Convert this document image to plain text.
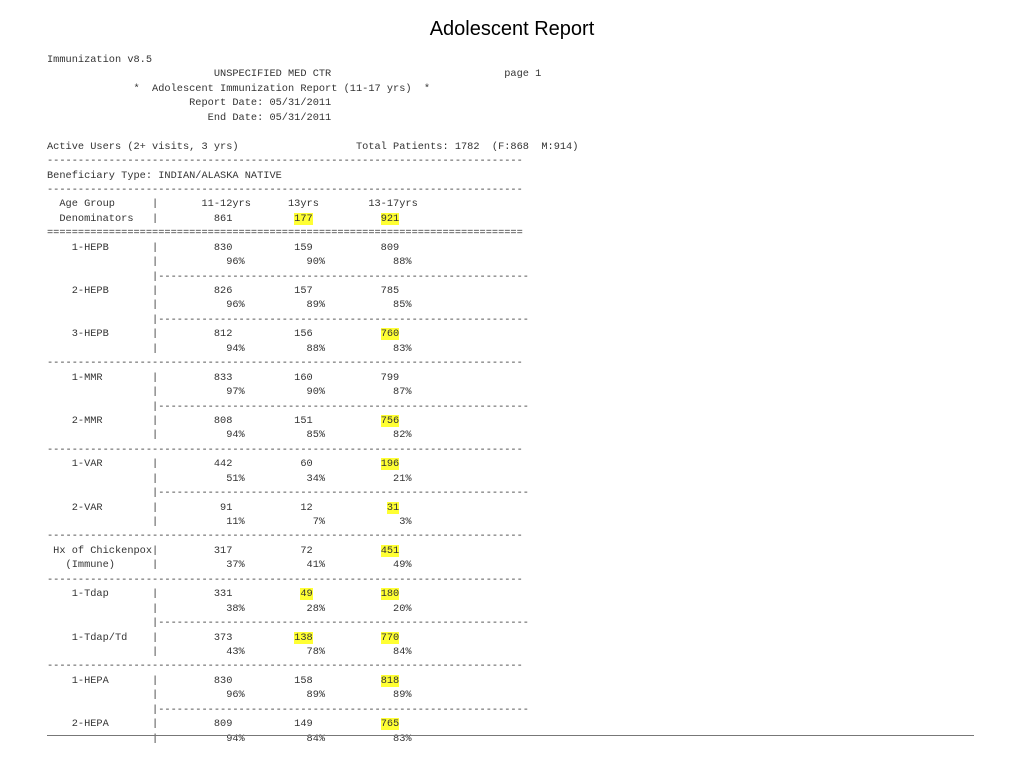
Adolescent Report
Immunization v8.5
UNSPECIFIED MED CTR                            page 1
*  Adolescent Immunization Report (11-17 yrs)  *
Report Date: 05/31/2011
End Date: 05/31/2011
Active Users (2+ visits, 3 yrs)                   Total Patients: 1782  (F:868  M:914)
-----------------------------------------------------------------------------
Beneficiary Type: INDIAN/ALASKA NATIVE
-----------------------------------------------------------------------------
Age Group      |       11-12yrs      13yrs        13-17yrs
Denominators   |         861          177	921
=============================================================================
1-HEPB       |         830          159           809
|           96%          90%           88%
|------------------------------------------------------------
2-HEPB       |         826          157           785
|           96%          89%           85%
|------------------------------------------------------------
3-HEPB       |         812          156           760
|           94%          88%           83%
-----------------------------------------------------------------------------
1-MMR        |         833          160           799
|           97%          90%           87%
|------------------------------------------------------------
2-MMR        |         808          151           756
|           94%          85%           82%
-----------------------------------------------------------------------------
1-VAR        |         442           60           196
|           51%          34%           21%
|------------------------------------------------------------
2-VAR        |          91           12            31
|           11%           7%            3%
-----------------------------------------------------------------------------
Hx of Chickenpox|         317           72           451
(Immune)      |           37%          41%           49%
-----------------------------------------------------------------------------
1-Tdap       |         331           49	180
|           38%          28%           20%
|------------------------------------------------------------
1-Tdap/Td    |         373          138	770
|           43%          78%           84%
-----------------------------------------------------------------------------
1-HEPA       |         830          158           818
|           96%          89%           89%
|------------------------------------------------------------
2-HEPA       |         809          149           765
|           94%          84%           83%
